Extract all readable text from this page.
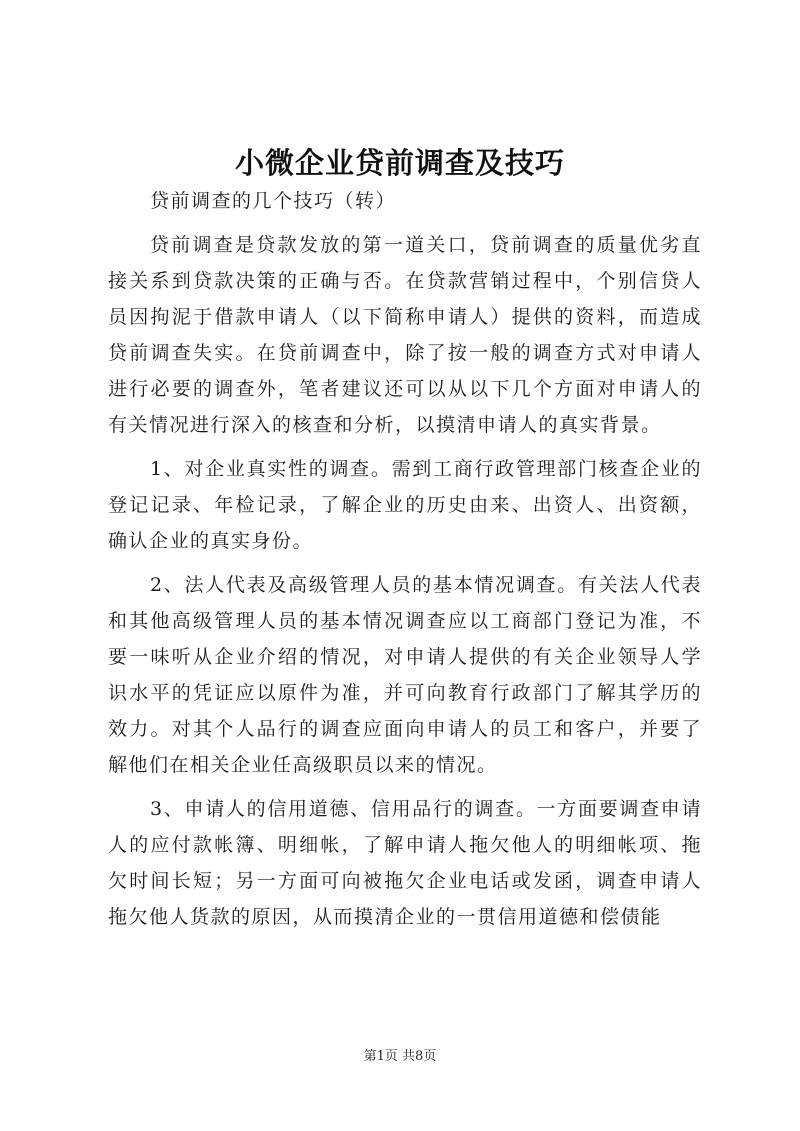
小微企业贷前调查及技巧

贷前调查的几个技巧（转）

贷前调查是贷款发放的第一道关口，贷前调查的质量优劣直接关系到贷款决策的正确与否。在贷款营销过程中，个别信贷人员因拘泥于借款申请人（以下简称申请人）提供的资料，而造成贷前调查失实。在贷前调查中，除了按一般的调查方式对申请人进行必要的调查外，笔者建议还可以从以下几个方面对申请人的有关情况进行深入的核查和分析，以摸清申请人的真实背景。

1、对企业真实性的调查。需到工商行政管理部门核查企业的登记记录、年检记录，了解企业的历史由来、出资人、出资额，确认企业的真实身份。

2、法人代表及高级管理人员的基本情况调查。有关法人代表和其他高级管理人员的基本情况调查应以工商部门登记为准，不要一味听从企业介绍的情况，对申请人提供的有关企业领导人学识水平的凭证应以原件为准，并可向教育行政部门了解其学历的效力。对其个人品行的调查应面向申请人的员工和客户，并要了解他们在相关企业任高级职员以来的情况。

3、申请人的信用道德、信用品行的调查。一方面要调查申请人的应付款帐簿、明细帐，了解申请人拖欠他人的明细帐项、拖欠时间长短；另一方面可向被拖欠企业电话或发函，调查申请人拖欠他人货款的原因，从而摸清企业的一贯信用道德和偿债能

第1页 共8页
